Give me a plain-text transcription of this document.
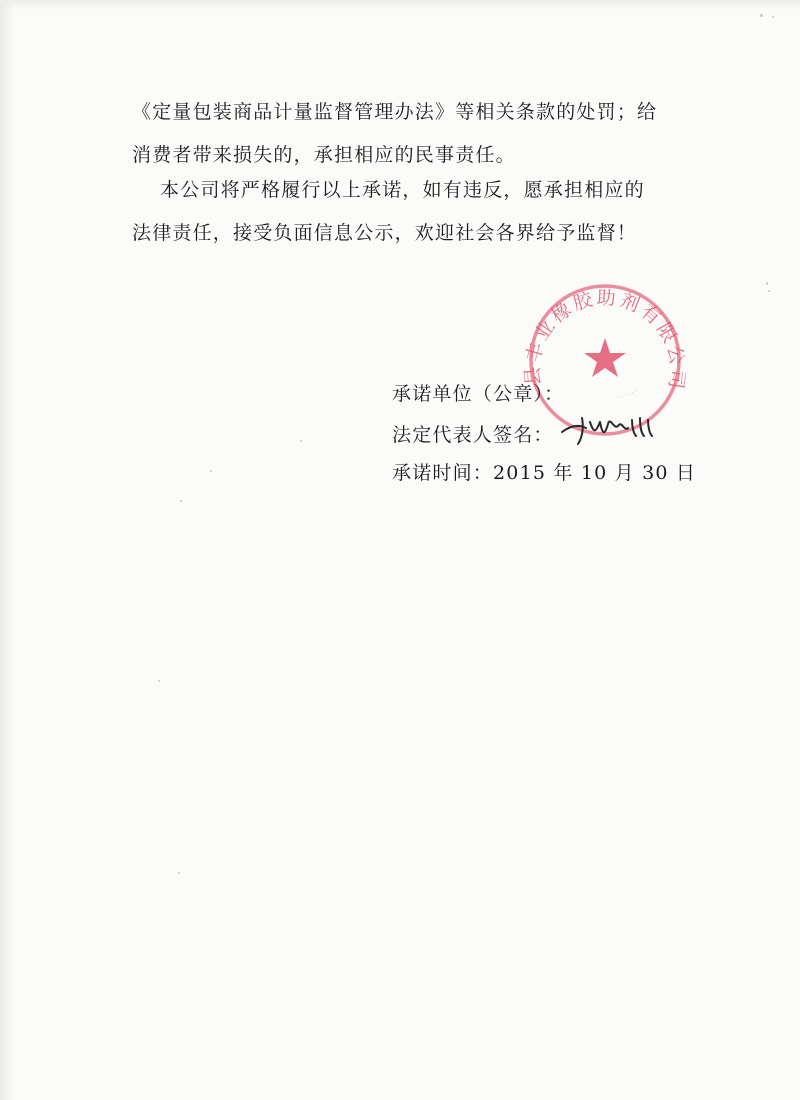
《定量包装商品计量监督管理办法》等相关条款的处罚；给
消费者带来损失的，承担相应的民事责任。
本公司将严格履行以上承诺，如有违反，愿承担相应的
法律责任，接受负面信息公示，欢迎社会各界给予监督！
县丰业橡胶助剂有限公司
· · · · · ·
承诺单位（公章）：
法定代表人签名：
承诺时间：2015 年 10 月 30 日
